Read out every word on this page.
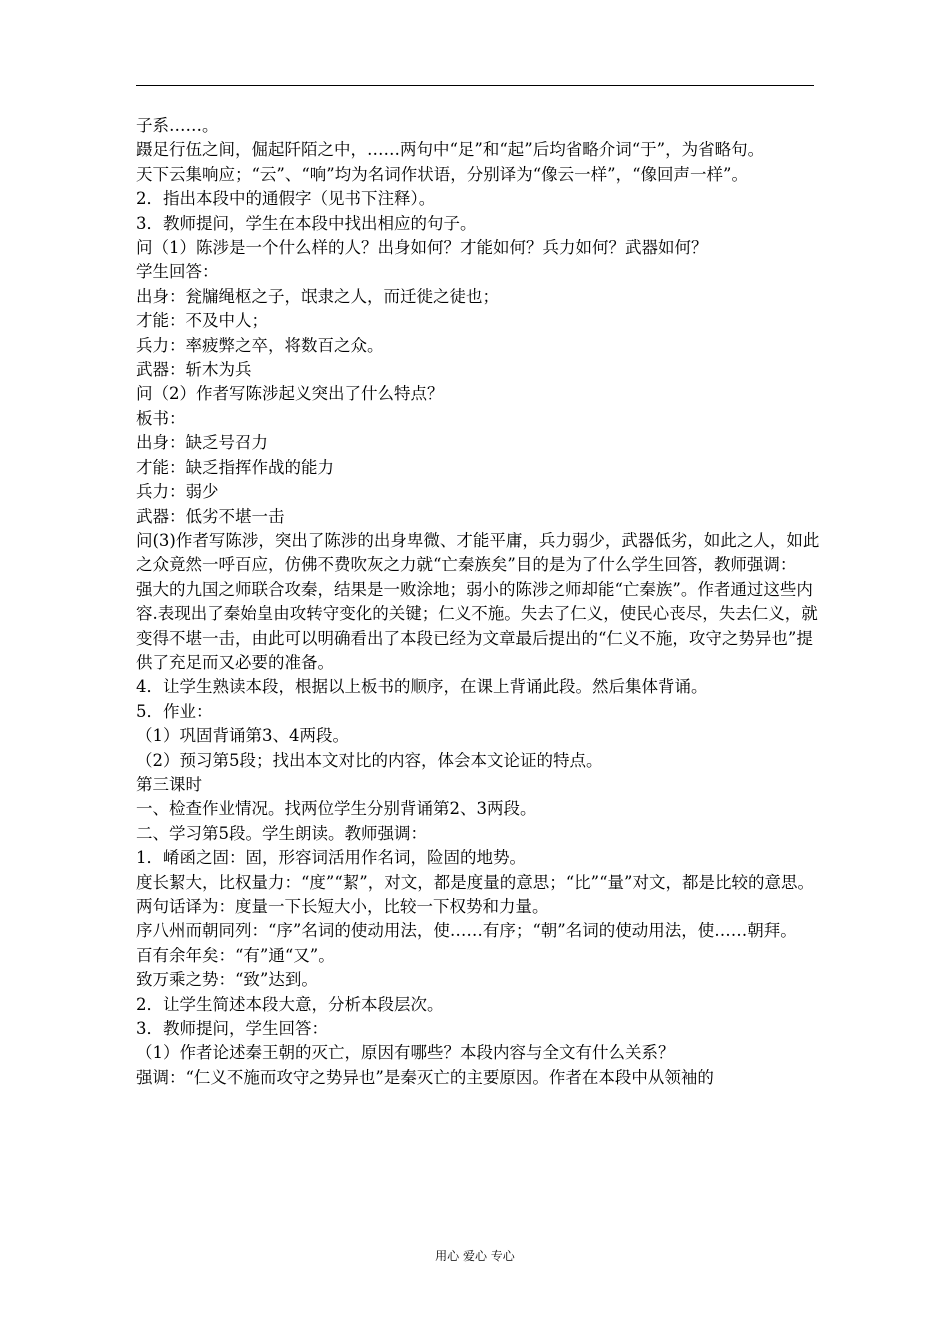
子系……。

蹑足行伍之间，倔起阡陌之中，……两句中“足”和“起”后均省略介词“于”，为省略句。

天下云集响应；“云”、“响”均为名词作状语，分别译为“像云一样”，“像回声一样”。

2．指出本段中的通假字（见书下注释）。

3．教师提问，学生在本段中找出相应的句子。

问（1）陈涉是一个什么样的人？出身如何？才能如何？兵力如何？武器如何？

学生回答：

出身：瓮牖绳枢之子，氓隶之人，而迁徙之徒也；

才能：不及中人；

兵力：率疲弊之卒，将数百之众。

武器：斩木为兵

问（2）作者写陈涉起义突出了什么特点？

板书：

出身：缺乏号召力

才能：缺乏指挥作战的能力

兵力：弱少

武器：低劣不堪一击

问(3)作者写陈涉，突出了陈涉的出身卑微、才能平庸，兵力弱少，武器低劣，如此之人，如此之众竟然一呼百应，仿佛不费吹灰之力就“亡秦族矣”目的是为了什么学生回答，教师强调：

强大的九国之师联合攻秦，结果是一败涂地；弱小的陈涉之师却能“亡秦族”。作者通过这些内容.表现出了秦始皇由攻转守变化的关键；仁义不施。失去了仁义，使民心丧尽，失去仁义，就变得不堪一击，由此可以明确看出了本段已经为文章最后提出的“仁义不施，攻守之势异也”提供了充足而又必要的准备。

4．让学生熟读本段，根据以上板书的顺序，在课上背诵此段。然后集体背诵。

5．作业：

（1）巩固背诵第3、4两段。

（2）预习第5段；找出本文对比的内容，体会本文论证的特点。

第三课时

一、检查作业情况。找两位学生分别背诵第2、3两段。

二、学习第5段。学生朗读。教师强调：

1．崤函之固：固，形容词活用作名词，险固的地势。

度长絜大，比权量力：“度”“絜”，对文，都是度量的意思；“比”“量”对文，都是比较的意思。两句话译为：度量一下长短大小，比较一下权势和力量。

序八州而朝同列：“序”名词的使动用法，使……有序；“朝”名词的使动用法，使……朝拜。

百有余年矣：“有”通“又”。

致万乘之势：“致”达到。

2．让学生简述本段大意，分析本段层次。

3．教师提问，学生回答：

（1）作者论述秦王朝的灭亡，原因有哪些？本段内容与全文有什么关系？

强调：“仁义不施而攻守之势异也”是秦灭亡的主要原因。作者在本段中从领袖的

用心 爱心 专心
